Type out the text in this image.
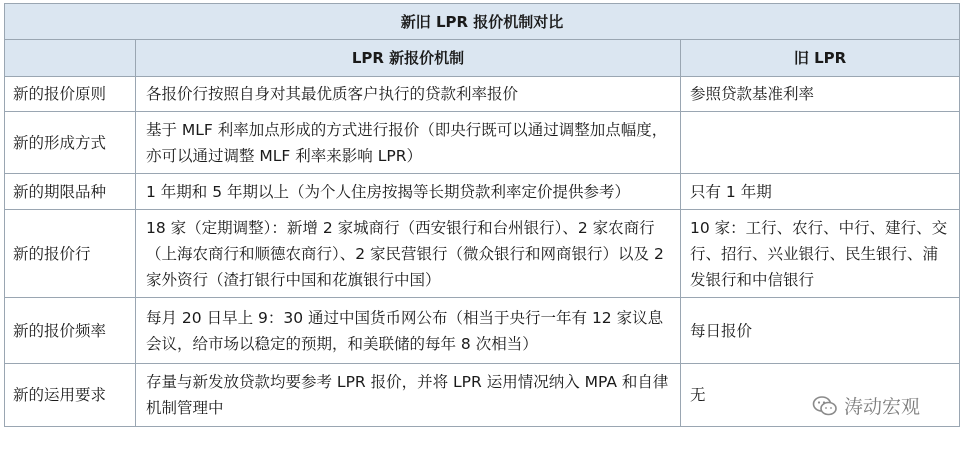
新旧 LPR 报价机制对比		
	LPR 新报价机制	旧 LPR
新的报价原则	各报价行按照自身对其最优质客户执行的贷款利率报价	参照贷款基准利率
新的形成方式	基于 MLF 利率加点形成的方式进行报价（即央行既可以通过调整加点幅度，亦可以通过调整 MLF 利率来影响 LPR）	
新的期限品种	1 年期和 5 年期以上（为个人住房按揭等长期贷款利率定价提供参考）	只有 1 年期
新的报价行	18 家（定期调整）：新增 2 家城商行（西安银行和台州银行）、2 家农商行（上海农商行和顺德农商行）、2 家民营银行（微众银行和网商银行）以及 2 家外资行（渣打银行中国和花旗银行中国）	10 家：工行、农行、中行、建行、交行、招行、兴业银行、民生银行、浦发银行和中信银行
新的报价频率	每月 20 日早上 9：30 通过中国货币网公布（相当于央行一年有 12 家议息会议，给市场以稳定的预期，和美联储的每年 8 次相当）	每日报价
新的运用要求	存量与新发放贷款均要参考 LPR 报价，并将 LPR 运用情况纳入 MPA 和自律机制管理中	无
涛动宏观
